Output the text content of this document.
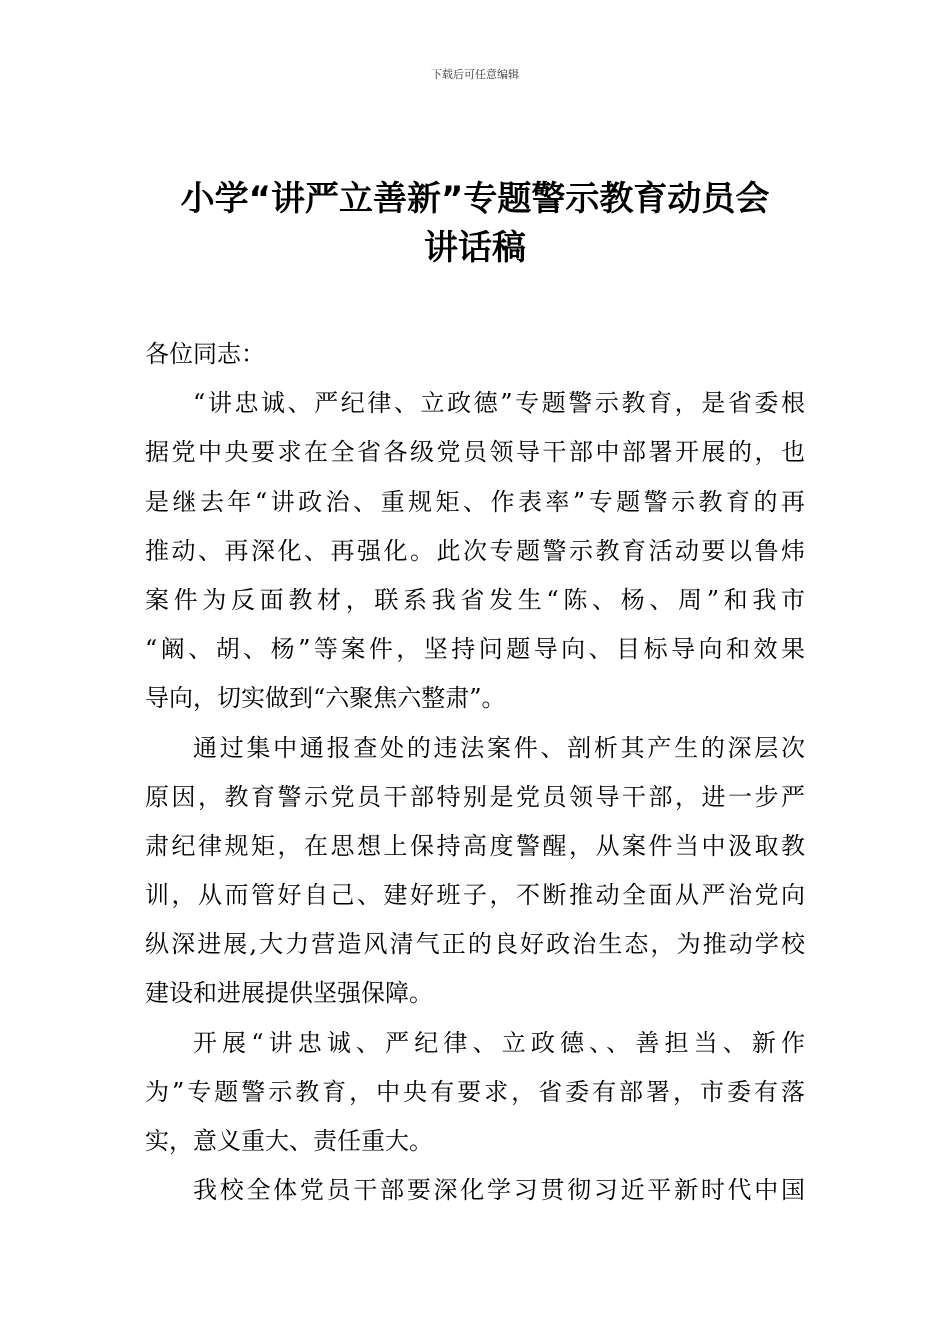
下载后可任意编辑
小学“讲严立善新”专题警示教育动员会
讲话稿
各位同志：
“讲忠诚、严纪律、立政德”专题警示教育，是省委根
据党中央要求在全省各级党员领导干部中部署开展的，也
是继去年“讲政治、重规矩、作表率”专题警示教育的再
推动、再深化、再强化。此次专题警示教育活动要以鲁炜
案件为反面教材，联系我省发生“陈、杨、周”和我市
“阚、胡、杨”等案件，坚持问题导向、目标导向和效果
导向，切实做到“六聚焦六整肃”。
通过集中通报查处的违法案件、剖析其产生的深层次
原因，教育警示党员干部特别是党员领导干部，进一步严
肃纪律规矩，在思想上保持高度警醒，从案件当中汲取教
训，从而管好自己、建好班子，不断推动全面从严治党向
纵深进展,大力营造风清气正的良好政治生态，为推动学校
建设和进展提供坚强保障。
开展“讲忠诚、严纪律、立政德、、善担当、新作
为”专题警示教育，中央有要求，省委有部署，市委有落
实，意义重大、责任重大。
我校全体党员干部要深化学习贯彻习近平新时代中国
